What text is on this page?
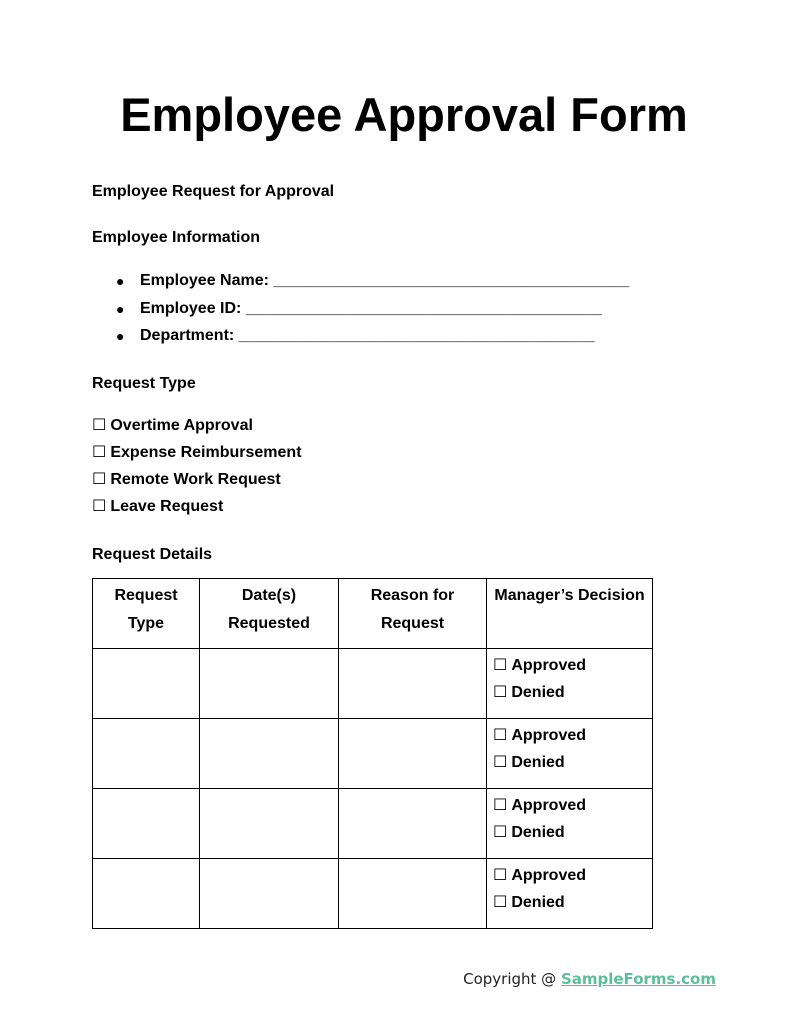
Employee Approval Form
Employee Request for Approval
Employee Information
● Employee Name: ________________________________________
● Employee ID: ________________________________________
● Department: ________________________________________
Request Type
☐ Overtime Approval
☐ Expense Reimbursement
☐ Remote Work Request
☐ Leave Request
Request Details
Request Type	Date(s) Requested	Reason for Request	Manager’s Decision

			☐ Approved
☐ Denied

			☐ Approved
☐ Denied

			☐ Approved
☐ Denied

			☐ Approved
☐ Denied
Copyright @ SampleForms.com
